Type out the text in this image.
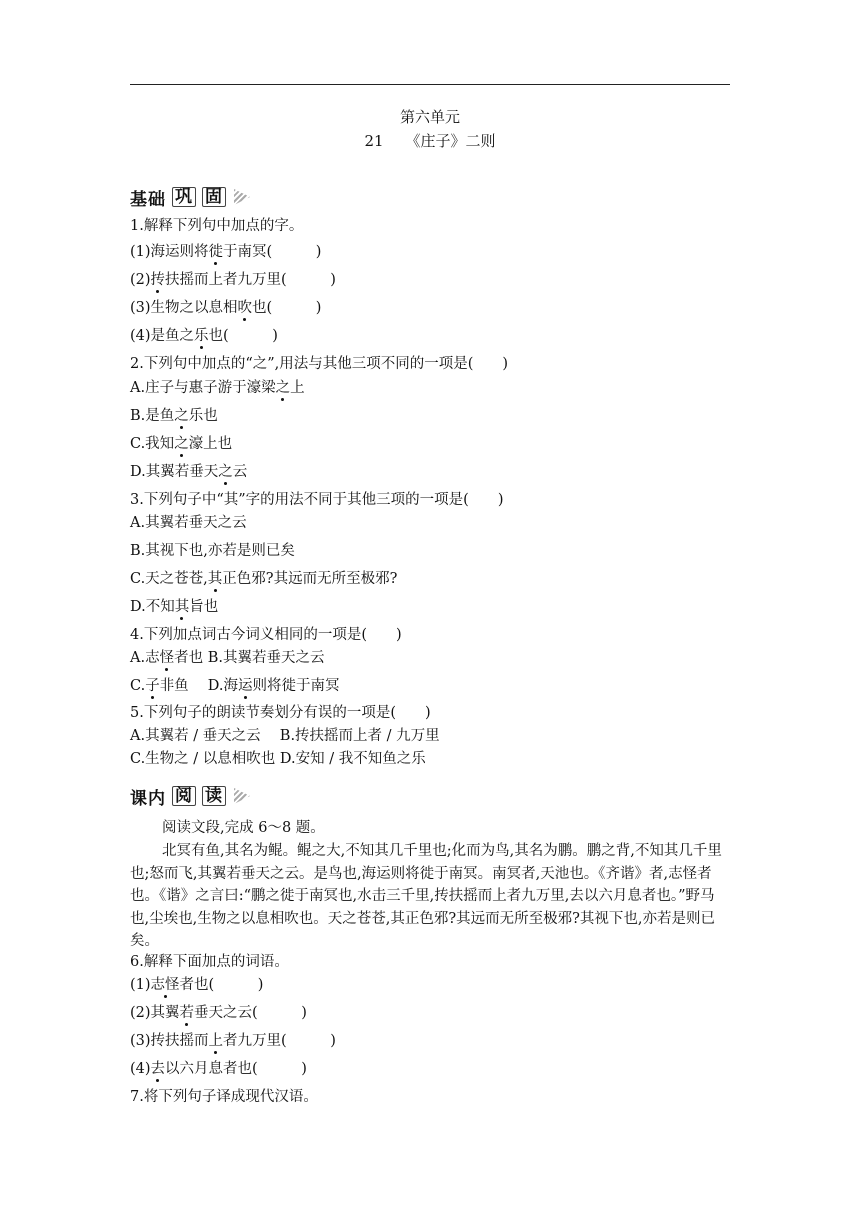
第六单元
21 《庄子》二则
基础 巩 固
1.解释下列句中加点的字。
(1)海运则将徙于南冥(　　　)
(2)抟扶摇而上者九万里(　　　)
(3)生物之以息相吹也(　　　)
(4)是鱼之乐也(　　　)
2.下列句中加点的“之”,用法与其他三项不同的一项是(　　)
A.庄子与惠子游于濠梁之上
B.是鱼之乐也
C.我知之濠上也
D.其翼若垂天之云
3.下列句子中“其”字的用法不同于其他三项的一项是(　　)
A.其翼若垂天之云
B.其视下也,亦若是则已矣
C.天之苍苍,其正色邪?其远而无所至极邪?
D.不知其旨也
4.下列加点词古今词义相同的一项是(　　)
A.志怪者也 B.其翼若垂天之云
C.子非鱼　 D.海运则将徙于南冥
5.下列句子的朗读节奏划分有误的一项是(　　)
A.其翼若 / 垂天之云　 B.抟扶摇而上者 / 九万里
C.生物之 / 以息相吹也 D.安知 / 我不知鱼之乐
课内 阅 读
阅读文段,完成 6～8 题。
北冥有鱼,其名为鲲。鲲之大,不知其几千里也;化而为鸟,其名为鹏。鹏之背,不知其几千里也;怒而飞,其翼若垂天之云。是鸟也,海运则将徙于南冥。南冥者,天池也。《齐谐》者,志怪者也。《谐》之言曰:“鹏之徙于南冥也,水击三千里,抟扶摇而上者九万里,去以六月息者也。”野马也,尘埃也,生物之以息相吹也。天之苍苍,其正色邪?其远而无所至极邪?其视下也,亦若是则已矣。
6.解释下面加点的词语。
(1)志怪者也(　　　)
(2)其翼若垂天之云(　　　)
(3)抟扶摇而上者九万里(　　　)
(4)去以六月息者也(　　　)
7.将下列句子译成现代汉语。
